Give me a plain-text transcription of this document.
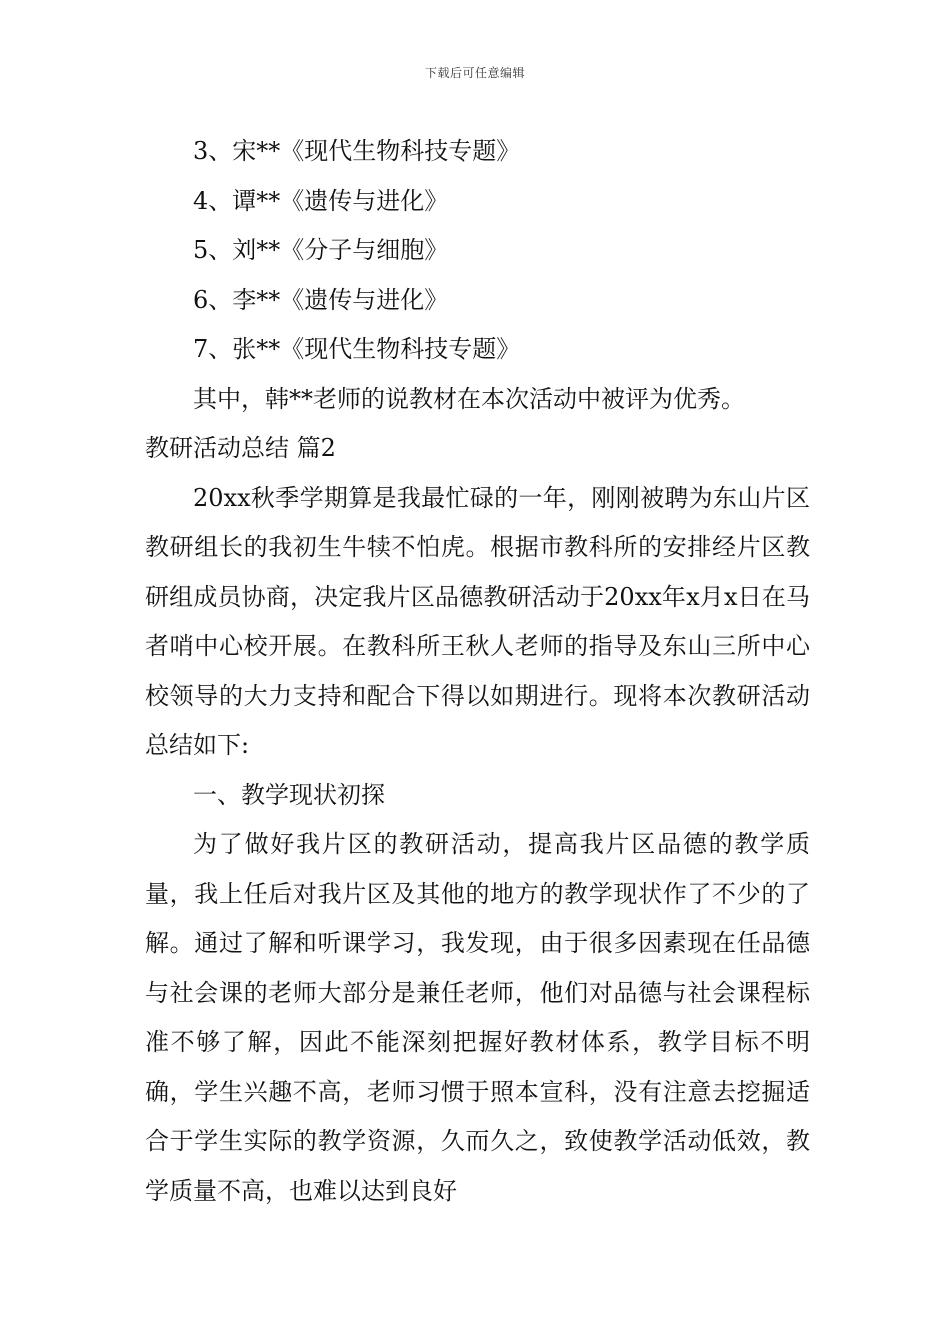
下载后可任意编辑

3、宋**《现代生物科技专题》

4、谭**《遗传与进化》

5、刘**《分子与细胞》

6、李**《遗传与进化》

7、张**《现代生物科技专题》

其中，韩**老师的说教材在本次活动中被评为优秀。

教研活动总结 篇2

20xx秋季学期算是我最忙碌的一年，刚刚被聘为东山片区教研组长的我初生牛犊不怕虎。根据市教科所的安排经片区教研组成员协商，决定我片区品德教研活动于20xx年x月x日在马者哨中心校开展。在教科所王秋人老师的指导及东山三所中心校领导的大力支持和配合下得以如期进行。现将本次教研活动总结如下:

一、教学现状初探

为了做好我片区的教研活动，提高我片区品德的教学质量，我上任后对我片区及其他的地方的教学现状作了不少的了解。通过了解和听课学习，我发现，由于很多因素现在任品德与社会课的老师大部分是兼任老师，他们对品德与社会课程标准不够了解，因此不能深刻把握好教材体系，教学目标不明确，学生兴趣不高，老师习惯于照本宣科，没有注意去挖掘适合于学生实际的教学资源，久而久之，致使教学活动低效，教学质量不高，也难以达到良好
